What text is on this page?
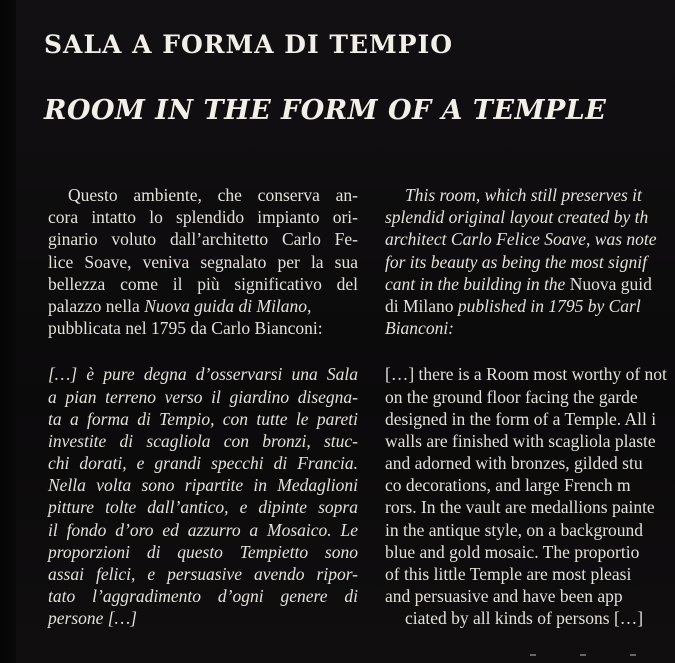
SALA A FORMA DI TEMPIO
ROOM IN THE FORM OF A TEMPLE
Questo ambiente, che conserva an-
cora intatto lo splendido impianto ori-
ginario voluto dall’architetto Carlo Fe-
lice Soave, veniva segnalato per la sua
bellezza come il più significativo del
palazzo nella Nuova guida di Milano,
pubblicata nel 1795 da Carlo Bianconi:
[…] è pure degna d’osservarsi una Sala
a pian terreno verso il giardino disegna-
ta a forma di Tempio, con tutte le pareti
investite di scagliola con bronzi, stuc-
chi dorati, e grandi specchi di Francia.
Nella volta sono ripartite in Medaglioni
pitture tolte dall’antico, e dipinte sopra
il fondo d’oro ed azzurro a Mosaico. Le
proporzioni di questo Tempietto sono
assai felici, e persuasive avendo ripor-
tato l’aggradimento d’ogni genere di
persone […]
This room, which still preserves it
splendid original layout created by th
architect Carlo Felice Soave, was note
for its beauty as being the most signif
cant in the building in the Nuova guid
di Milano published in 1795 by Carl
Bianconi:
[…] there is a Room most worthy of not
on the ground floor facing the garde
designed in the form of a Temple. All i
walls are finished with scagliola plaste
and adorned with bronzes, gilded stu
co decorations, and large French m
rors. In the vault are medallions painte
in the antique style, on a background
blue and gold mosaic. The proportio
of this little Temple are most pleasi
and persuasive and have been app
ciated by all kinds of persons […]
